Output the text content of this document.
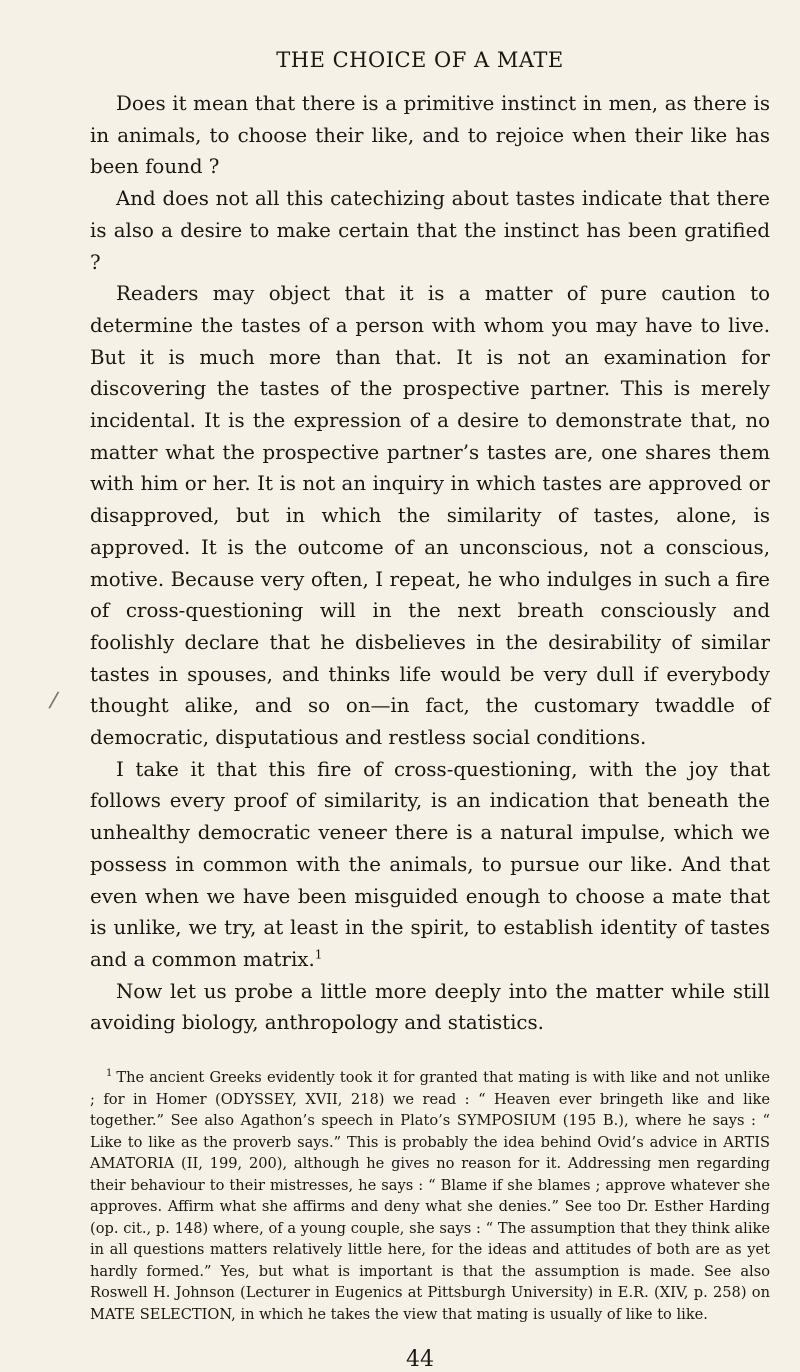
THE CHOICE OF A MATE

Does it mean that there is a primitive instinct in men, as there is in animals, to choose their like, and to rejoice when their like has been found ?

And does not all this catechizing about tastes indicate that there is also a desire to make certain that the instinct has been gratified ?

Readers may object that it is a matter of pure caution to determine the tastes of a person with whom you may have to live. But it is much more than that. It is not an examination for discovering the tastes of the prospective partner. This is merely incidental. It is the expression of a desire to demonstrate that, no matter what the prospective partner’s tastes are, one shares them with him or her. It is not an inquiry in which tastes are approved or disapproved, but in which the similarity of tastes, alone, is approved. It is the outcome of an unconscious, not a conscious, motive. Because very often, I repeat, he who indulges in such a fire of cross-questioning will in the next breath consciously and foolishly declare that he disbelieves in the desirability of similar tastes in spouses, and thinks life would be very dull if everybody thought alike, and so on—in fact, the customary twaddle of democratic, disputatious and restless social conditions.

I take it that this fire of cross-questioning, with the joy that follows every proof of similarity, is an indication that beneath the unhealthy democratic veneer there is a natural impulse, which we possess in common with the animals, to pursue our like. And that even when we have been misguided enough to choose a mate that is unlike, we try, at least in the spirit, to establish identity of tastes and a common matrix.$^1$

Now let us probe a little more deeply into the matter while still avoiding biology, anthropology and statistics.

$^1$ The ancient Greeks evidently took it for granted that mating is with like and not unlike ; for in Homer (ODYSSEY, XVII, 218) we read : “ Heaven ever bringeth like and like together.” See also Agathon’s speech in Plato’s SYMPOSIUM (195 B.), where he says : “ Like to like as the proverb says.” This is probably the idea behind Ovid’s advice in ARTIS AMATORIA (II, 199, 200), although he gives no reason for it. Addressing men regarding their behaviour to their mistresses, he says : “ Blame if she blames ; approve whatever she approves. Affirm what she affirms and deny what she denies.” See too Dr. Esther Harding (op. cit., p. 148) where, of a young couple, she says : “ The assumption that they think alike in all questions matters relatively little here, for the ideas and attitudes of both are as yet hardly formed.” Yes, but what is important is that the assumption is made. See also Roswell H. Johnson (Lecturer in Eugenics at Pittsburgh University) in E.R. (XIV, p. 258) on MATE SELECTION, in which he takes the view that mating is usually of like to like.
44
/
